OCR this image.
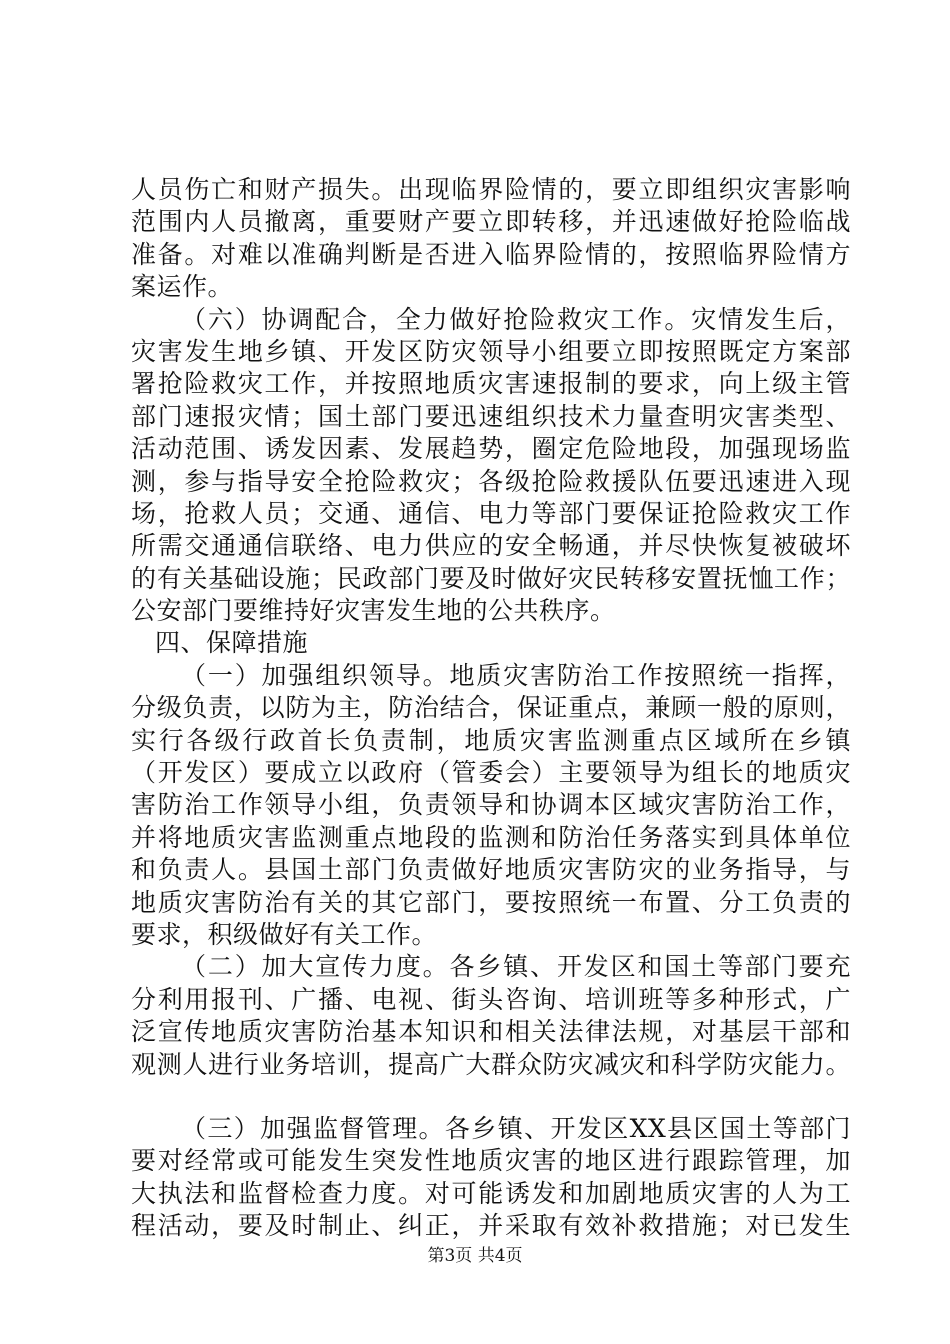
人员伤亡和财产损失。出现临界险情的，要立即组织灾害影响
范围内人员撤离，重要财产要立即转移，并迅速做好抢险临战
准备。对难以准确判断是否进入临界险情的，按照临界险情方
案运作。
（六）协调配合，全力做好抢险救灾工作。灾情发生后，
灾害发生地乡镇、开发区防灾领导小组要立即按照既定方案部
署抢险救灾工作，并按照地质灾害速报制的要求，向上级主管
部门速报灾情；国土部门要迅速组织技术力量查明灾害类型、
活动范围、诱发因素、发展趋势，圈定危险地段，加强现场监
测，参与指导安全抢险救灾；各级抢险救援队伍要迅速进入现
场，抢救人员；交通、通信、电力等部门要保证抢险救灾工作
所需交通通信联络、电力供应的安全畅通，并尽快恢复被破坏
的有关基础设施；民政部门要及时做好灾民转移安置抚恤工作；
公安部门要维持好灾害发生地的公共秩序。
四、保障措施
（一）加强组织领导。地质灾害防治工作按照统一指挥，
分级负责，以防为主，防治结合，保证重点，兼顾一般的原则，
实行各级行政首长负责制，地质灾害监测重点区域所在乡镇
（开发区）要成立以政府（管委会）主要领导为组长的地质灾
害防治工作领导小组，负责领导和协调本区域灾害防治工作，
并将地质灾害监测重点地段的监测和防治任务落实到具体单位
和负责人。县国土部门负责做好地质灾害防灾的业务指导，与
地质灾害防治有关的其它部门，要按照统一布置、分工负责的
要求，积级做好有关工作。
（二）加大宣传力度。各乡镇、开发区和国土等部门要充
分利用报刊、广播、电视、街头咨询、培训班等多种形式，广
泛宣传地质灾害防治基本知识和相关法律法规，对基层干部和
观测人进行业务培训，提高广大群众防灾减灾和科学防灾能力。
（三）加强监督管理。各乡镇、开发区XX县区国土等部门
要对经常或可能发生突发性地质灾害的地区进行跟踪管理，加
大执法和监督检查力度。对可能诱发和加剧地质灾害的人为工
程活动，要及时制止、纠正，并采取有效补救措施；对已发生
第3页 共4页
